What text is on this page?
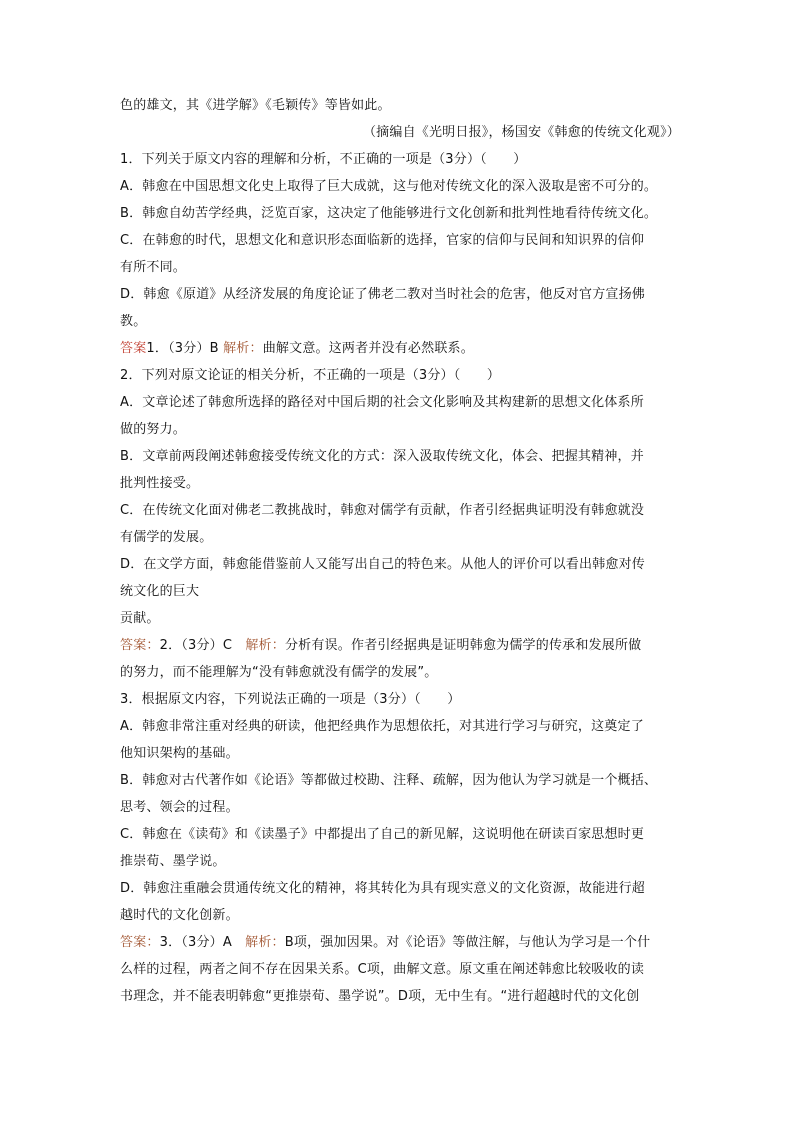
色的雄文，其《进学解》《毛颖传》等皆如此。
（摘编自《光明日报》，杨国安《韩愈的传统文化观》）
1．下列关于原文内容的理解和分析，不正确的一项是（3分）（　　）
A．韩愈在中国思想文化史上取得了巨大成就，这与他对传统文化的深入汲取是密不可分的。
B．韩愈自幼苦学经典，泛览百家，这决定了他能够进行文化创新和批判性地看待传统文化。
C．在韩愈的时代，思想文化和意识形态面临新的选择，官家的信仰与民间和知识界的信仰
有所不同。
D．韩愈《原道》从经济发展的角度论证了佛老二教对当时社会的危害，他反对官方宣扬佛
教。
答案1．（3分）B 解析：曲解文意。这两者并没有必然联系。
2．下列对原文论证的相关分析，不正确的一项是（3分）（　　）
A．文章论述了韩愈所选择的路径对中国后期的社会文化影响及其构建新的思想文化体系所
做的努力。
B．文章前两段阐述韩愈接受传统文化的方式：深入汲取传统文化，体会、把握其精神，并
批判性接受。
C．在传统文化面对佛老二教挑战时，韩愈对儒学有贡献，作者引经据典证明没有韩愈就没
有儒学的发展。
D．在文学方面，韩愈能借鉴前人又能写出自己的特色来。从他人的评价可以看出韩愈对传
统文化的巨大
贡献。
答案：2．（3分）C　解析：分析有误。作者引经据典是证明韩愈为儒学的传承和发展所做
的努力，而不能理解为“没有韩愈就没有儒学的发展”。
3．根据原文内容，下列说法正确的一项是（3分）（　　）
A．韩愈非常注重对经典的研读，他把经典作为思想依托，对其进行学习与研究，这奠定了
他知识架构的基础。
B．韩愈对古代著作如《论语》等都做过校勘、注释、疏解，因为他认为学习就是一个概括、
思考、领会的过程。
C．韩愈在《读荀》和《读墨子》中都提出了自己的新见解，这说明他在研读百家思想时更
推崇荀、墨学说。
D．韩愈注重融会贯通传统文化的精神，将其转化为具有现实意义的文化资源，故能进行超
越时代的文化创新。
答案：3．（3分）A　解析：B项，强加因果。对《论语》等做注解，与他认为学习是一个什
么样的过程，两者之间不存在因果关系。C项，曲解文意。原文重在阐述韩愈比较吸收的读
书理念，并不能表明韩愈“更推崇荀、墨学说”。D项，无中生有。“进行超越时代的文化创
